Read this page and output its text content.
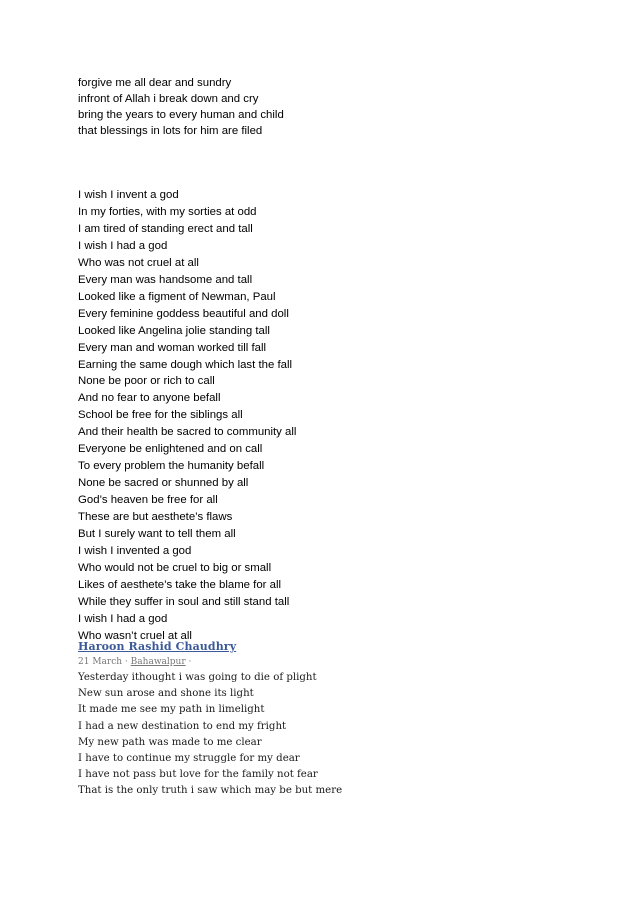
forgive me all dear and sundry
infront of Allah i break down and cry
bring the years to every human and child
that blessings in lots for him are filed
I wish I invent a god
In my forties, with my sorties at odd
I am tired of standing erect and tall
I wish I had a god
Who was not cruel at all
Every man was handsome and tall
Looked like a figment of Newman, Paul
Every feminine goddess beautiful and doll
Looked like Angelina jolie standing tall
Every man and woman worked till fall
Earning the same dough which last the fall
None be poor or rich to call
And no fear to anyone befall
School be free for the siblings all
And their health be sacred to community all
Everyone be enlightened and on call
To every problem the humanity befall
None be sacred or shunned by all
God’s heaven be free for all
These are but aesthete’s flaws
But I surely want to tell them all
I wish I invented a god
Who would not be cruel to big or small
Likes of aesthete’s take the blame for all
While they suffer in soul and still stand tall
I wish I had a god
Who wasn’t cruel at all
Haroon Rashid Chaudhry
21 March · Bahawalpur ·
Yesterday ithought i was going to die of plight
New sun arose and shone its light
It made me see my path in limelight
I had a new destination to end my fright
My new path was made to me clear
I have to continue my struggle for my dear
I have not pass but love for the family not fear
That is the only truth i saw which may be but mere
